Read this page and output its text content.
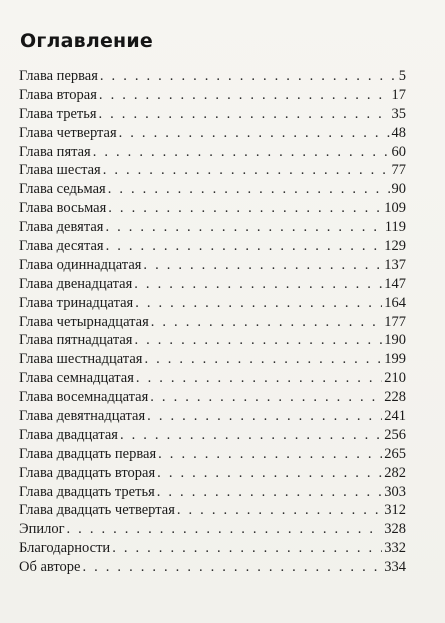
Оглавление
Глава первая . . .	5
Глава вторая . . .	17
Глава третья . . .	35
Глава четвертая . . .	48
Глава пятая . . .	60
Глава шестая . . .	77
Глава седьмая . . .	90
Глава восьмая . . .	109
Глава девятая . . .	119
Глава десятая . . .	129
Глава одиннадцатая . . .	137
Глава двенадцатая . . .	147
Глава тринадцатая . . .	164
Глава четырнадцатая . . .	177
Глава пятнадцатая . . .	190
Глава шестнадцатая . . .	199
Глава семнадцатая . . .	210
Глава восемнадцатая . . .	228
Глава девятнадцатая . . .	241
Глава двадцатая . . .	256
Глава двадцать первая . . .	265
Глава двадцать вторая . . .	282
Глава двадцать третья . . .	303
Глава двадцать четвертая . . .	312
Эпилог . . .	328
Благодарности . . .	332
Об авторе . . .	334
